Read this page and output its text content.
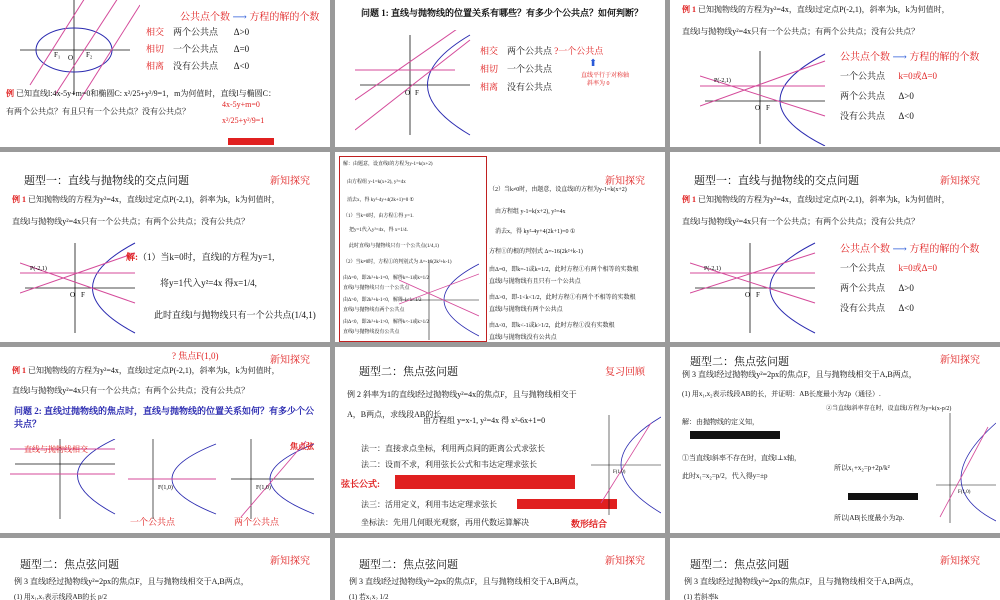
F₁	F₂
O
公共点个数 ⟶ 方程的解的个数
相交 两个公共点 Δ>0
相切 一个公共点 Δ=0
相离 没有公共点 Δ<0
例 已知直线l:4x-5y+m=0和椭圆C: x²/25+y²/9=1，m为何值时，直线l与椭圆C：
有两个公共点？有且只有一个公共点？没有公共点？
4x-5y+m=0
x²/25+y²/9=1
问题 1: 直线与抛物线的位置关系有哪些？有多少个公共点？如何判断？
O F
相交 两个公共点 ?一个公共点
相切 一个公共点
相离 没有公共点
⬆
直线平行于对称轴
斜率为 0
例 1 已知抛物线的方程为y²=4x，直线l过定点P(-2,1)，斜率为k，k为何值时，
直线l与抛物线y²=4x只有一个公共点；有两个公共点；没有公共点？
P(-2,1)
O F
公共点个数 ⟶ 方程的解的个数
一个公共点 k=0或Δ=0
两个公共点 Δ>0
没有公共点 Δ<0
题型一：直线与抛物线的交点问题	新知探究
例 1 已知抛物线的方程为y²=4x，直线l过定点P(-2,1)，斜率为k，k为何值时，
直线l与抛物线y²=4x只有一个公共点；有两个公共点；没有公共点？
P(-2,1)
O F
解:（1）当k=0时，直线l的方程为y=1,
将y=1代入y²=4x 得x=1/4,
此时直线l与抛物线只有一个公共点(1/4,1)
解：由题意，设直线l的方程为y-1=k(x+2)
由方程组 y-1=k(x+2), y²=4x
消去x，得 ky²-4y+4(2k+1)=0 ①
（1）当k=0时，由方程①得 y=1.
把y=1代入y²=4x，得 x=1/4.
此时直线l与抛物线只有一个公共点(1/4,1)
（2）当k≠0时，方程①的判别式为 Δ=-16(2k²+k-1)
由Δ=0，即2k²+k-1=0，解得k=-1或k=1/2
直线l与抛物线只有一个公共点
由Δ>0，即2k²+k-1<0，解得-1<k<1/2
直线l与抛物线有两个公共点
由Δ<0，即2k²+k-1>0，解得k<-1或k>1/2
直线l与抛物线没有公共点
新知探究
（2）当k≠0时，由题意，设直线l的方程为y-1=k(x+2)
由方程组 y-1=k(x+2), y²=4x
消去x，得 ky²-4y+4(2k+1)=0 ①
方程①的根的判别式 Δ=-16(2k²+k-1)
由Δ=0，即k=-1或k=1/2，此时方程①有两个相等的实数根
直线l与抛物线有且只有一个公共点
由Δ>0，即-1<k<1/2，此时方程①有两个不相等的实数根
直线l与抛物线有两个公共点
由Δ<0，即k<-1或k>1/2，此时方程①没有实数根
直线l与抛物线没有公共点
题型一：直线与抛物线的交点问题	新知探究
例 1 已知抛物线的方程为y²=4x，直线l过定点P(-2,1)，斜率为k，k为何值时，
直线l与抛物线y²=4x只有一个公共点；有两个公共点；没有公共点？
P(-2,1)
O F
公共点个数 ⟶ 方程的解的个数
一个公共点 k=0或Δ=0
两个公共点 Δ>0
没有公共点 Δ<0
? 焦点F(1,0)	新知探究
例 1 已知抛物线的方程为y²=4x，直线l过定点P(-2,1)，斜率为k，k为何值时，
直线l与抛物线y²=4x只有一个公共点；有两个公共点；没有公共点？
问题 2: 直线过抛物线的焦点时，直线与抛物线的位置关系如何？有多少个公共点？
直线与抛物线相交
F(1,0)	F(1,0)
焦点弦
一个公共点	两个公共点
题型二：焦点弦问题	复习回顾
例 2 斜率为1的直线l经过抛物线y²=4x的焦点F，且与抛物线相交于A，B两点，求线段AB的长.
由方程组 y=x-1, y²=4x 得 x²-6x+1=0
法一：直接求点坐标，利用两点间的距离公式求弦长
法二：设而不求，利用弦长公式和韦达定理求弦长
弦长公式:
法三：活用定义，利用韦达定理求弦长
坐标法：先用几何眼光观察，再用代数运算解决	数形结合
F(1,0)
题型二：焦点弦问题	新知探究
例 3 直线l经过抛物线y²=2px的焦点F，且与抛物线相交于A,B两点，
(1) 用x₁,x₂表示线段AB的长，并证明：AB长度最小为2p（通径）.
②当直线l斜率存在时，设直线l方程为y=k(x-p/2)
解：由抛物线的定义知，
①当直线l斜率不存在时，直线l⊥x轴，
此时x₁=x₂=p/2，代入得y=±p
所以x₁+x₂=p+2p/k²
所以|AB|长度最小为2p.
F(1,0)
题型二：焦点弦问题	新知探究
例 3 直线l经过抛物线y²=2px的焦点F，且与抛物线相交于A,B两点，
(1) 用x₁,x₂表示线段AB的长 p/2
题型二：焦点弦问题	新知探究
例 3 直线l经过抛物线y²=2px的焦点F，且与抛物线相交于A,B两点，
(1) 若x₁x₂ 1/2
题型二：焦点弦问题	新知探究
例 3 直线l经过抛物线y²=2px的焦点F，且与抛物线相交于A,B两点，
(1) 若斜率k
